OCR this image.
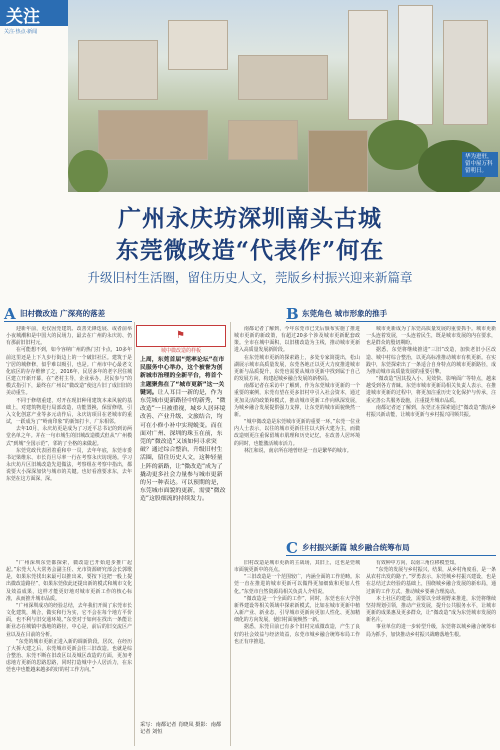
关注
关注·热点·新闻
华为进驻，留中屋万科留明日。
广州永庆坊深圳南头古城
东莞微改造“代表作”何在
升级旧村生活圈，留住历史人文，莞版乡村振兴迎来新篇章
A 旧村微改造 广深亮的落差	B 东莞角色 城市形象的推手
C 乡村振兴新篇 城乡融合统筹布局

迎新年前，更仅因莞建筑、改善先锋迭展、或者前举小夜城潮和是中国大的民场力，最去在广州的永庆坊、仍有那前旧旧村元。

在可能想不到，如今容纳广州的热门打卡点，10多年前这里还是上下九步行街边上的一个破旧社区。建筑于是宁居的城修修，似乎难以吸引，也是。广州市中心最老文化底区的存存维修了之，2016年，民居多年的老字居住城区建立开新开幕，在“老村主导，企业承办，居民参与”的模式指引下，最终在广州以“微改造”使这片旧了成旧旧的美动重生。

不同于修缮重建，对开在现旧种用建筑本来风貌的基础上，对建筑物进行局部改造，功能置换，保留修缮，引入文化创意产业等多元动作后，永庆坊项目在老城市的重试，一跃成为了“岭南印象”的新知打卡，广东相邻。

去年10月，永庆坊更是成为了习近平总书记的到访两堂名单之年。并在一句市城生的旧城改造模式但从“广州模式”到城“全国示范”，邻的了全格的来做起。

东莞党政代表团着重和中一员，去年年底，东莞市委书记梁维东、市长肖旦尽率一行在考察永庆坊现场。学习永庆坊片区旧城改造先进做法，考察组在考察中指出，都说要大小深深加快与城市的关键。也好看准要求东，去年东莞在这方面深，深。

“广州深圳东莞都探索，微改造已开始进步推广起起。”东莞大人大常务会副主任、允市资源研究部会长郭歌是，如果东莞找出来最可以推出来，要按下这把一般上提出微改造路径”，如果东莞依此还提出新的模式和城市文化及效益成果，这样才能更好地对城市更新工作的核心标准，从而推升城市品质。

“广州深圳成功的经验总结，去年我们开阁了东莞市长文化建筑，城合，做实和行为实，它不会在每个地方平价面，也不利与旧交通环境。”东莞对于如何在找出一条能让新业态在城镇中落地的路径，中心是，前后的旧交流区产业以及在目前的分析。

“东莞的城市更新正进入新的调新阶段。居次，在经历了大拆大建之后，东莞城市更新会往三旧改造。也就是综合整治、东莞不断在旧改区以及城区改造的方面，更加考虑地方更新的思路思路，同时打造城中小人居活力，在东莞也中也能越来越多的好的村工作方向。”

⚑
城中微改造的样板
上周，东莞首届“莞率论坛”在市民服务中心举办，这个被誉为创新城市治理的全新平台，将首个主题聚焦在了“城市更新”这一关键词。让人耳目一新的是，作为东莞城市更新路径中的新秀，“微改造”一旦被重视，城乡人居环境改善、产业升级、文旅结合，均可在小修小补中实现蜕变。而在面对广州、深圳的珠玉在前，东莞的“微改造”又该如何寻求突破？通过综合整治，升级旧村生活圈，留住历史人文，这种轻量上阵的新路，让“微改造”成为了撬动更多社会力量参与城市更新的另一种表达。可以预期的是，东莞城市面貌的更新，需要“微改造”这股细流的持续发力。
采写：南都记者 肖晓凤 摄影：南都记者 刘恒

南都记者了解到，今年东莞市已先后颁布实施了推进城市更新的新政策，有超过20多个涉及城市更新配套政策。全市在城中面积，以旧楼改造为主线，推动城市更新进入高质量发展新阶段。

在东莞城市更新的探索路上，多处专家简提出，松山湖展示城市高质量发展，东莞各地正以更大力度推进城市更新与品质提升，东莞也需要从城市更新中找到属于自己的发展方向，构建起城乡融合发展的新格局。

南都记者在采访中了解到，作为东莞城市更新的一个重要的案例，东莞有望在更多旧村中引入社会资本，通过更加灵活的政策和模式，推动城市更新工作向纵深发展，为城乡融合发展提供强力支撑，让东莞的城市面貌焕然一新。

“城中微改造是东莞城市更新的重要一环。”东莞一位业内人士表示，以往的城市更新往往以大拆大建为主，而微改造则更注重保留城市肌理和历史记忆，在改善人居环境的同时，也能激活城市活力。

林江和说，南京所在地曾经是一直是繁华的城市。

城市更新成为了东莞高质量发展的重要抓手。城市更新一头连着发展，一头连着民生，既是城市发展的内在要求，也是群众的殷切期盼。

据悉，东莞将继续推进“三旧”改造，加快老旧小区改造、城中村综合整治，以更高标准推动城市有机更新。在实践中，东莞探索出了一条适合自身特点的城市更新路径，成为推动城市高质量发展的重要引擎。

“微改造”因其投入小、见效快、影响面广等特点，越来越受到各方青睐。东莞市城市更新局相关负责人表示，在推进城市更新的过程中，将更加注重历史文化保护与传承，注重完善公共服务设施，注重提升城市品质。

南都记者还了解到，东莞正在探索通过“微改造”激活乡村振兴新动能，让城市更新与乡村振兴同频共振。

旧村改造是城市更新的主战场，其旧上，这也是莞城市面貌更新中的亮点。

“三旧改造是一个范围较广，内涵全面的工作范畴。东莞一直在推进的城市更新可以做得更加细致和更加人性化。”东莞市自然资源局相关负责人介绍说。

“微改造是一个全面的工作”，同时，东莞也在大学创新界建设等相关领域中探索新模式，比如在城市更新中植入新产业、新业态，引导城市更新向更加人性化、更加精细化的方向发展，使旧村面貌焕然一新。

据悉，东莞目前已有多个旧村完成微改造，产生了良好的社会效益与经济效益，东莞市城乡融合统筹布局工作也正有序推进。

有效种中方向，以南三角位移模型知。

“东莞的发展与乡村振兴，结果，从乡村角度看，是一条从农村出发的路子。”罗勇表示，东莞城乡村振兴建设，也是在总结过去经验的基础上，围绕城乡融合发展的新布局，通过新的工作方式，推动城乡要素合理流动。

本土社区的建设，需要以全球视野来推进，东莞将继续坚持规划引领，推动产业发展，提升公共服务水平，让城市更新的成果惠及更多群众，让“微改造”成为东莞城市发展的新名片。

事业单位的进一步转型升级，东莞将以城乡融合统筹布局为抓手，加快推动乡村振兴战略落地生根。
